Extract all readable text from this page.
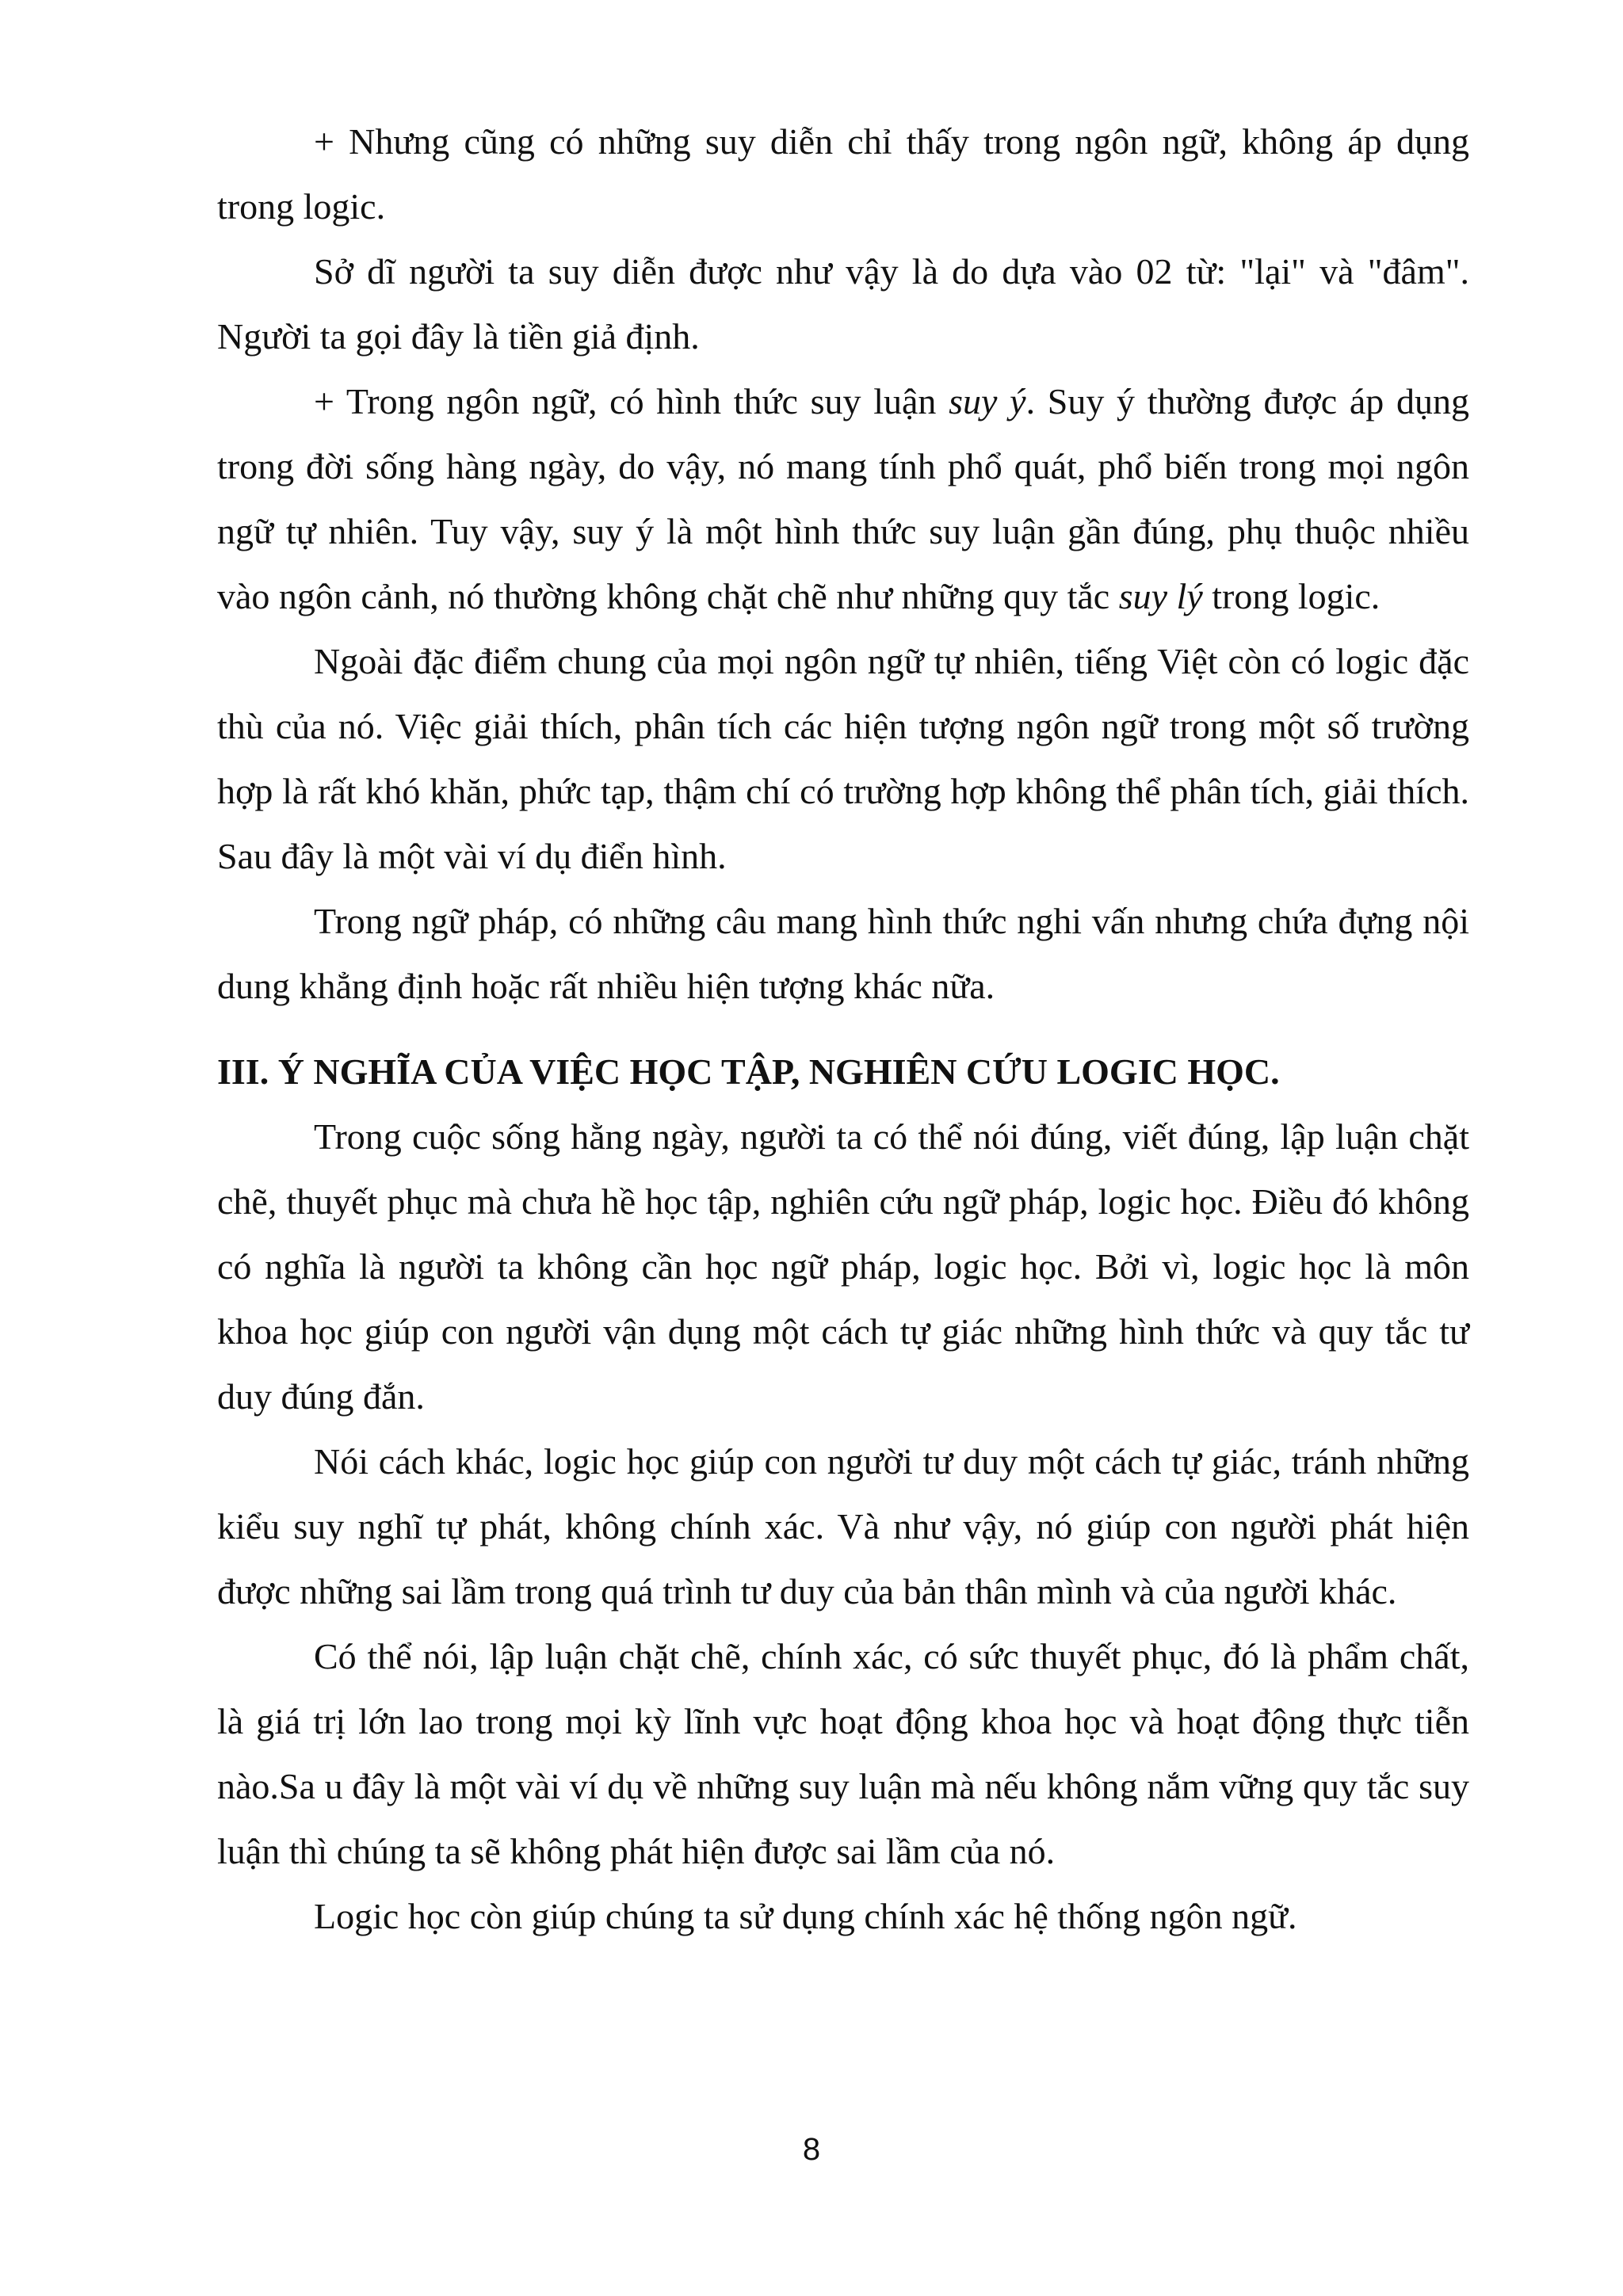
+ Nhưng cũng có những suy diễn chỉ thấy trong ngôn ngữ, không áp dụng trong logic.

Sở dĩ người ta suy diễn được như vậy là do dựa vào 02 từ: "lại" và "đâm". Người ta gọi đây là tiền giả định.

+ Trong ngôn ngữ, có hình thức suy luận suy ý. Suy ý thường được áp dụng trong đời sống hàng ngày, do vậy, nó mang tính phổ quát, phổ biến trong mọi ngôn ngữ tự nhiên. Tuy vậy, suy ý là một hình thức suy luận gần đúng, phụ thuộc nhiều vào ngôn cảnh, nó thường không chặt chẽ như những quy tắc suy lý trong logic.

Ngoài đặc điểm chung của mọi ngôn ngữ tự nhiên, tiếng Việt còn có logic đặc thù của nó. Việc giải thích, phân tích các hiện tượng ngôn ngữ trong một số trường hợp là rất khó khăn, phức tạp, thậm chí có trường hợp không thể phân tích, giải thích. Sau đây là một vài ví dụ điển hình.

Trong ngữ pháp, có những câu mang hình thức nghi vấn nhưng chứa đựng nội dung khẳng định hoặc rất nhiều hiện tượng khác nữa.

III. Ý NGHĨA CỦA VIỆC HỌC TẬP, NGHIÊN CỨU LOGIC HỌC.

Trong cuộc sống hằng ngày, người ta có thể nói đúng, viết đúng, lập luận chặt chẽ, thuyết phục mà chưa hề học tập, nghiên cứu ngữ pháp, logic học. Điều đó không có nghĩa là người ta không cần học ngữ pháp, logic học. Bởi vì, logic học là môn khoa học giúp con người vận dụng một cách tự giác những hình thức và quy tắc tư duy đúng đắn.

Nói cách khác, logic học giúp con người tư duy một cách tự giác, tránh những kiểu suy nghĩ tự phát, không chính xác. Và như vậy, nó giúp con người phát hiện được những sai lầm trong quá trình tư duy của bản thân mình và của người khác.

Có thể nói, lập luận chặt chẽ, chính xác, có sức thuyết phục, đó là phẩm chất, là giá trị lớn lao trong mọi kỳ lĩnh vực hoạt động khoa học và hoạt động thực tiễn nào.Sa u đây là một vài ví dụ về những suy luận mà nếu không nắm vững quy tắc suy luận thì chúng ta sẽ không phát hiện được sai lầm của nó.

Logic học còn giúp chúng ta sử dụng chính xác hệ thống ngôn ngữ.

8
